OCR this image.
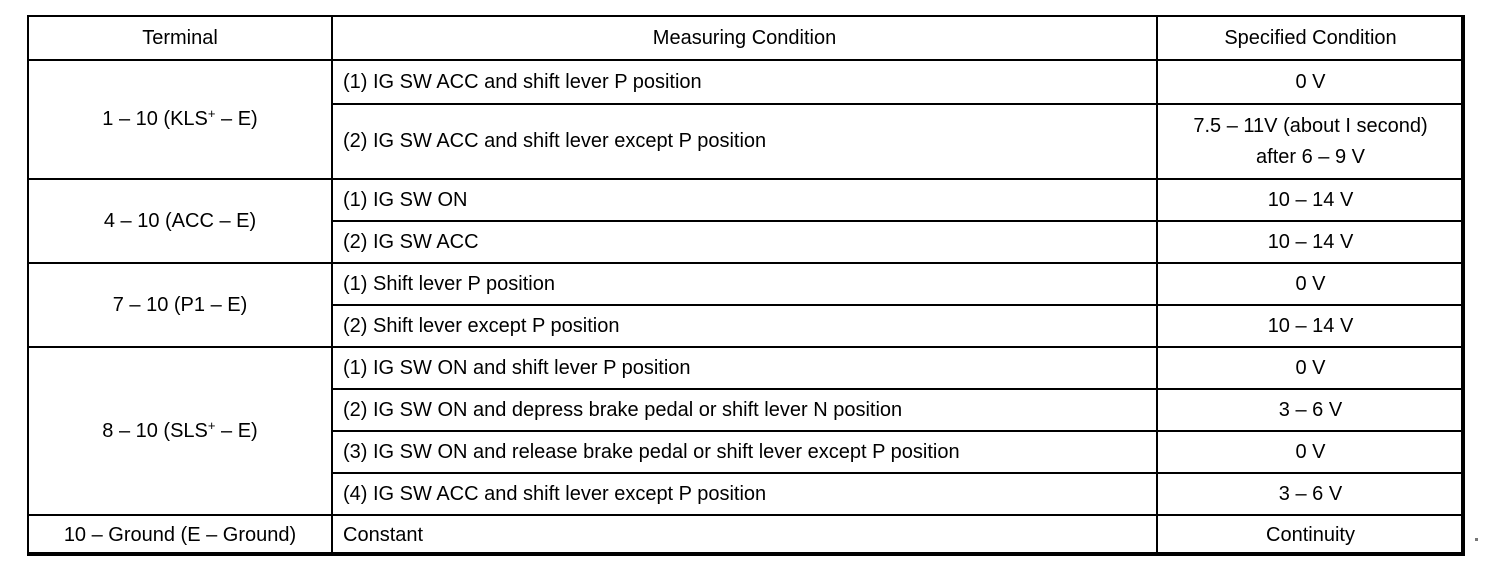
Terminal	Measuring Condition	Specified Condition
1 – 10 (KLS+ – E)	(1) IG SW ACC and shift lever P position	0 V
	(2) IG SW ACC and shift lever except P position	7.5 – 11V (about I second)
after 6 – 9 V

4 – 10 (ACC – E)	(1) IG SW ON	10 – 14 V
	(2) IG SW ACC	10 – 14 V
7 – 10 (P1 – E)	(1) Shift lever P position	0 V
	(2) Shift lever except P position	10 – 14 V
8 – 10 (SLS+ – E)	(1) IG SW ON and shift lever P position	0 V
	(2) IG SW ON and depress brake pedal or shift lever N position	3 – 6 V
	(3) IG SW ON and release brake pedal or shift lever except P position	0 V
	(4) IG SW ACC and shift lever except P position	3 – 6 V
10 – Ground (E – Ground)	Constant	Continuity
